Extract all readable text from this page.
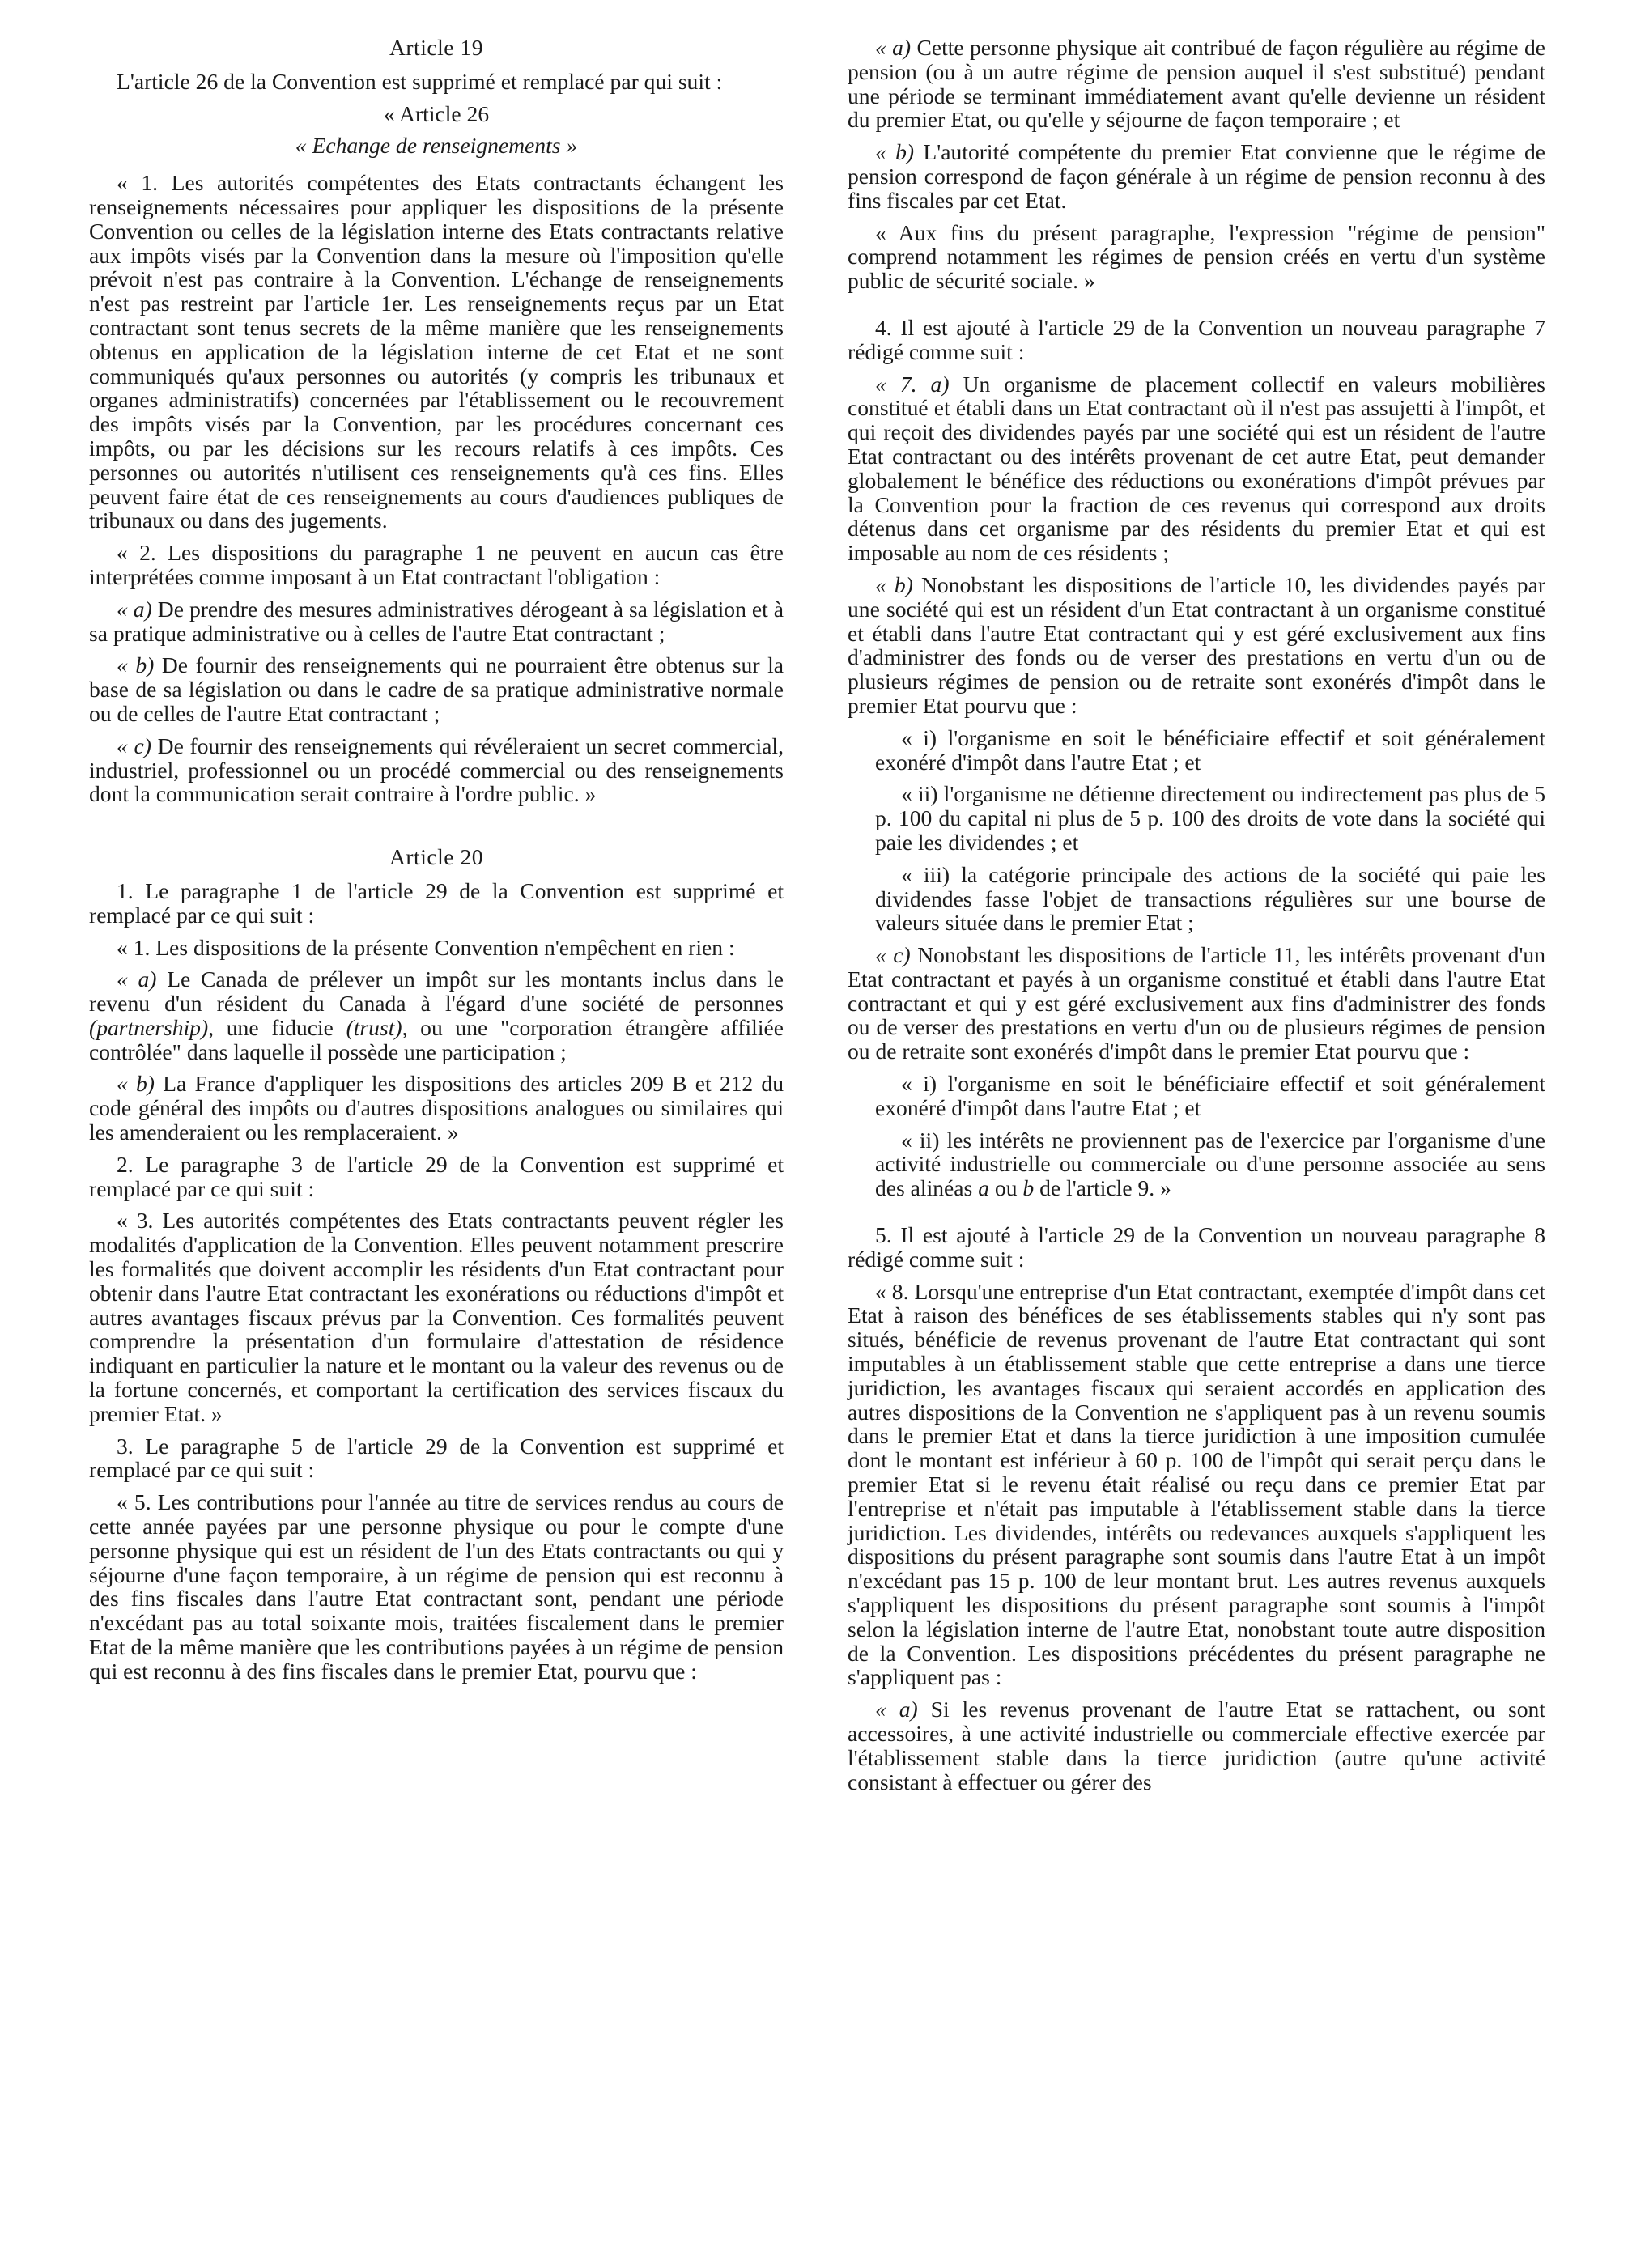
Article 19

L'article 26 de la Convention est supprimé et remplacé par qui suit :

« Article 26
« Echange de renseignements »

« 1. Les autorités compétentes des Etats contractants échangent les renseignements nécessaires pour appliquer les dispositions de la présente Convention ou celles de la législation interne des Etats contractants relative aux impôts visés par la Convention dans la mesure où l'imposition qu'elle prévoit n'est pas contraire à la Convention. L'échange de renseignements n'est pas restreint par l'article 1er. Les renseignements reçus par un Etat contractant sont tenus secrets de la même manière que les renseignements obtenus en application de la législation interne de cet Etat et ne sont communiqués qu'aux personnes ou autorités (y compris les tribunaux et organes administratifs) concernées par l'établissement ou le recouvrement des impôts visés par la Convention, par les procédures concernant ces impôts, ou par les décisions sur les recours relatifs à ces impôts. Ces personnes ou autorités n'utilisent ces renseignements qu'à ces fins. Elles peuvent faire état de ces renseignements au cours d'audiences publiques de tribunaux ou dans des jugements.

« 2. Les dispositions du paragraphe 1 ne peuvent en aucun cas être interprétées comme imposant à un Etat contractant l'obligation :

« a) De prendre des mesures administratives dérogeant à sa législation et à sa pratique administrative ou à celles de l'autre Etat contractant ;

« b) De fournir des renseignements qui ne pourraient être obtenus sur la base de sa législation ou dans le cadre de sa pratique administrative normale ou de celles de l'autre Etat contractant ;

« c) De fournir des renseignements qui révéleraient un secret commercial, industriel, professionnel ou un procédé commercial ou des renseignements dont la communication serait contraire à l'ordre public. »

Article 20

1. Le paragraphe 1 de l'article 29 de la Convention est supprimé et remplacé par ce qui suit :

« 1. Les dispositions de la présente Convention n'empêchent en rien :

« a) Le Canada de prélever un impôt sur les montants inclus dans le revenu d'un résident du Canada à l'égard d'une société de personnes (partnership), une fiducie (trust), ou une "corporation étrangère affiliée contrôlée" dans laquelle il possède une participation ;

« b) La France d'appliquer les dispositions des articles 209 B et 212 du code général des impôts ou d'autres dispositions analogues ou similaires qui les amenderaient ou les remplaceraient. »

2. Le paragraphe 3 de l'article 29 de la Convention est supprimé et remplacé par ce qui suit :

« 3. Les autorités compétentes des Etats contractants peuvent régler les modalités d'application de la Convention. Elles peuvent notamment prescrire les formalités que doivent accomplir les résidents d'un Etat contractant pour obtenir dans l'autre Etat contractant les exonérations ou réductions d'impôt et autres avantages fiscaux prévus par la Convention. Ces formalités peuvent comprendre la présentation d'un formulaire d'attestation de résidence indiquant en particulier la nature et le montant ou la valeur des revenus ou de la fortune concernés, et comportant la certification des services fiscaux du premier Etat. »

3. Le paragraphe 5 de l'article 29 de la Convention est supprimé et remplacé par ce qui suit :

« 5. Les contributions pour l'année au titre de services rendus au cours de cette année payées par une personne physique ou pour le compte d'une personne physique qui est un résident de l'un des Etats contractants ou qui y séjourne d'une façon temporaire, à un régime de pension qui est reconnu à des fins fiscales dans l'autre Etat contractant sont, pendant une période n'excédant pas au total soixante mois, traitées fiscalement dans le premier Etat de la même manière que les contributions payées à un régime de pension qui est reconnu à des fins fiscales dans le premier Etat, pourvu que :

« a) Cette personne physique ait contribué de façon régulière au régime de pension (ou à un autre régime de pension auquel il s'est substitué) pendant une période se terminant immédiatement avant qu'elle devienne un résident du premier Etat, ou qu'elle y séjourne de façon temporaire ; et

« b) L'autorité compétente du premier Etat convienne que le régime de pension correspond de façon générale à un régime de pension reconnu à des fins fiscales par cet Etat.

« Aux fins du présent paragraphe, l'expression "régime de pension" comprend notamment les régimes de pension créés en vertu d'un système public de sécurité sociale. »

4. Il est ajouté à l'article 29 de la Convention un nouveau paragraphe 7 rédigé comme suit :

« 7. a) Un organisme de placement collectif en valeurs mobilières constitué et établi dans un Etat contractant où il n'est pas assujetti à l'impôt, et qui reçoit des dividendes payés par une société qui est un résident de l'autre Etat contractant ou des intérêts provenant de cet autre Etat, peut demander globalement le bénéfice des réductions ou exonérations d'impôt prévues par la Convention pour la fraction de ces revenus qui correspond aux droits détenus dans cet organisme par des résidents du premier Etat et qui est imposable au nom de ces résidents ;

« b) Nonobstant les dispositions de l'article 10, les dividendes payés par une société qui est un résident d'un Etat contractant à un organisme constitué et établi dans l'autre Etat contractant qui y est géré exclusivement aux fins d'administrer des fonds ou de verser des prestations en vertu d'un ou de plusieurs régimes de pension ou de retraite sont exonérés d'impôt dans le premier Etat pourvu que :

« i) l'organisme en soit le bénéficiaire effectif et soit généralement exonéré d'impôt dans l'autre Etat ; et

« ii) l'organisme ne détienne directement ou indirectement pas plus de 5 p. 100 du capital ni plus de 5 p. 100 des droits de vote dans la société qui paie les dividendes ; et

« iii) la catégorie principale des actions de la société qui paie les dividendes fasse l'objet de transactions régulières sur une bourse de valeurs située dans le premier Etat ;

« c) Nonobstant les dispositions de l'article 11, les intérêts provenant d'un Etat contractant et payés à un organisme constitué et établi dans l'autre Etat contractant et qui y est géré exclusivement aux fins d'administrer des fonds ou de verser des prestations en vertu d'un ou de plusieurs régimes de pension ou de retraite sont exonérés d'impôt dans le premier Etat pourvu que :

« i) l'organisme en soit le bénéficiaire effectif et soit généralement exonéré d'impôt dans l'autre Etat ; et

« ii) les intérêts ne proviennent pas de l'exercice par l'organisme d'une activité industrielle ou commerciale ou d'une personne associée au sens des alinéas a ou b de l'article 9. »

5. Il est ajouté à l'article 29 de la Convention un nouveau paragraphe 8 rédigé comme suit :

« 8. Lorsqu'une entreprise d'un Etat contractant, exemptée d'impôt dans cet Etat à raison des bénéfices de ses établissements stables qui n'y sont pas situés, bénéficie de revenus provenant de l'autre Etat contractant qui sont imputables à un établissement stable que cette entreprise a dans une tierce juridiction, les avantages fiscaux qui seraient accordés en application des autres dispositions de la Convention ne s'appliquent pas à un revenu soumis dans le premier Etat et dans la tierce juridiction à une imposition cumulée dont le montant est inférieur à 60 p. 100 de l'impôt qui serait perçu dans le premier Etat si le revenu était réalisé ou reçu dans ce premier Etat par l'entreprise et n'était pas imputable à l'établissement stable dans la tierce juridiction. Les dividendes, intérêts ou redevances auxquels s'appliquent les dispositions du présent paragraphe sont soumis dans l'autre Etat à un impôt n'excédant pas 15 p. 100 de leur montant brut. Les autres revenus auxquels s'appliquent les dispositions du présent paragraphe sont soumis à l'impôt selon la législation interne de l'autre Etat, nonobstant toute autre disposition de la Convention. Les dispositions précédentes du présent paragraphe ne s'appliquent pas :

« a) Si les revenus provenant de l'autre Etat se rattachent, ou sont accessoires, à une activité industrielle ou commerciale effective exercée par l'établissement stable dans la tierce juridiction (autre qu'une activité consistant à effectuer ou gérer des
